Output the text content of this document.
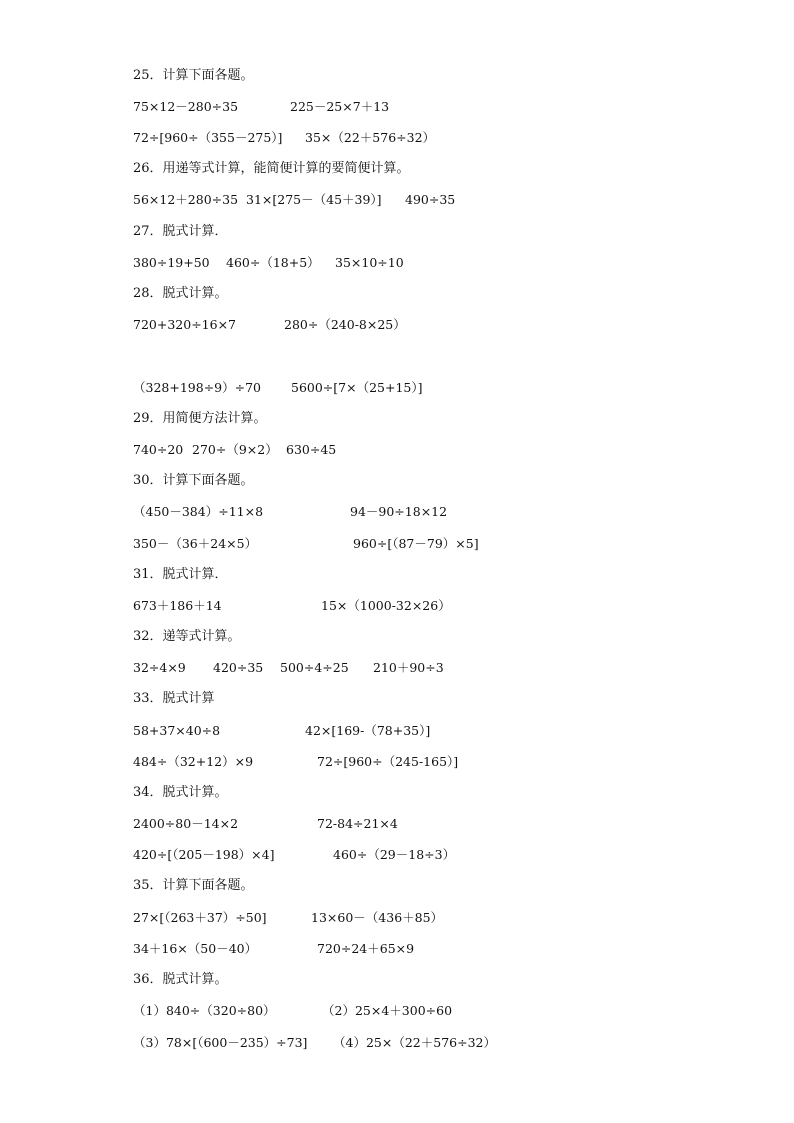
25．计算下面各题。
75×12－280÷35	225－25×7＋13
72÷[960÷（355－275）] 35×（22＋576÷32）
26．用递等式计算，能简便计算的要简便计算。
56×12＋280÷35 31×[275－（45＋39）] 490÷35
27．脱式计算．
380÷19+50 460÷（18+5） 35×10÷10
28．脱式计算。
720+320÷16×7	280÷（240-8×25）
（328+198÷9）÷70 5600÷[7×（25+15）]
29．用简便方法计算。
740÷20 270÷（9×2） 630÷45
30．计算下面各题。
（450－384）÷11×8	94－90÷18×12
350－（36＋24×5）	960÷[（87－79）×5]
31．脱式计算．
673＋186＋14	15×（1000-32×26）
32．递等式计算。
32÷4×9 420÷35 500÷4÷25 210＋90÷3
33．脱式计算
58+37×40÷8	42×[169-（78+35）]
484÷（32+12）×9	72÷[960÷（245-165）]
34．脱式计算。
2400÷80－14×2	72-84÷21×4
420÷[（205－198）×4]	460÷（29－18÷3）
35．计算下面各题。
27×[（263＋37）÷50]	13×60－（436＋85）
34＋16×（50－40）	720÷24＋65×9
36．脱式计算。
（1）840÷（320÷80）	（2）25×4＋300÷60
（3）78×[（600－235）÷73] （4）25×（22＋576÷32）
